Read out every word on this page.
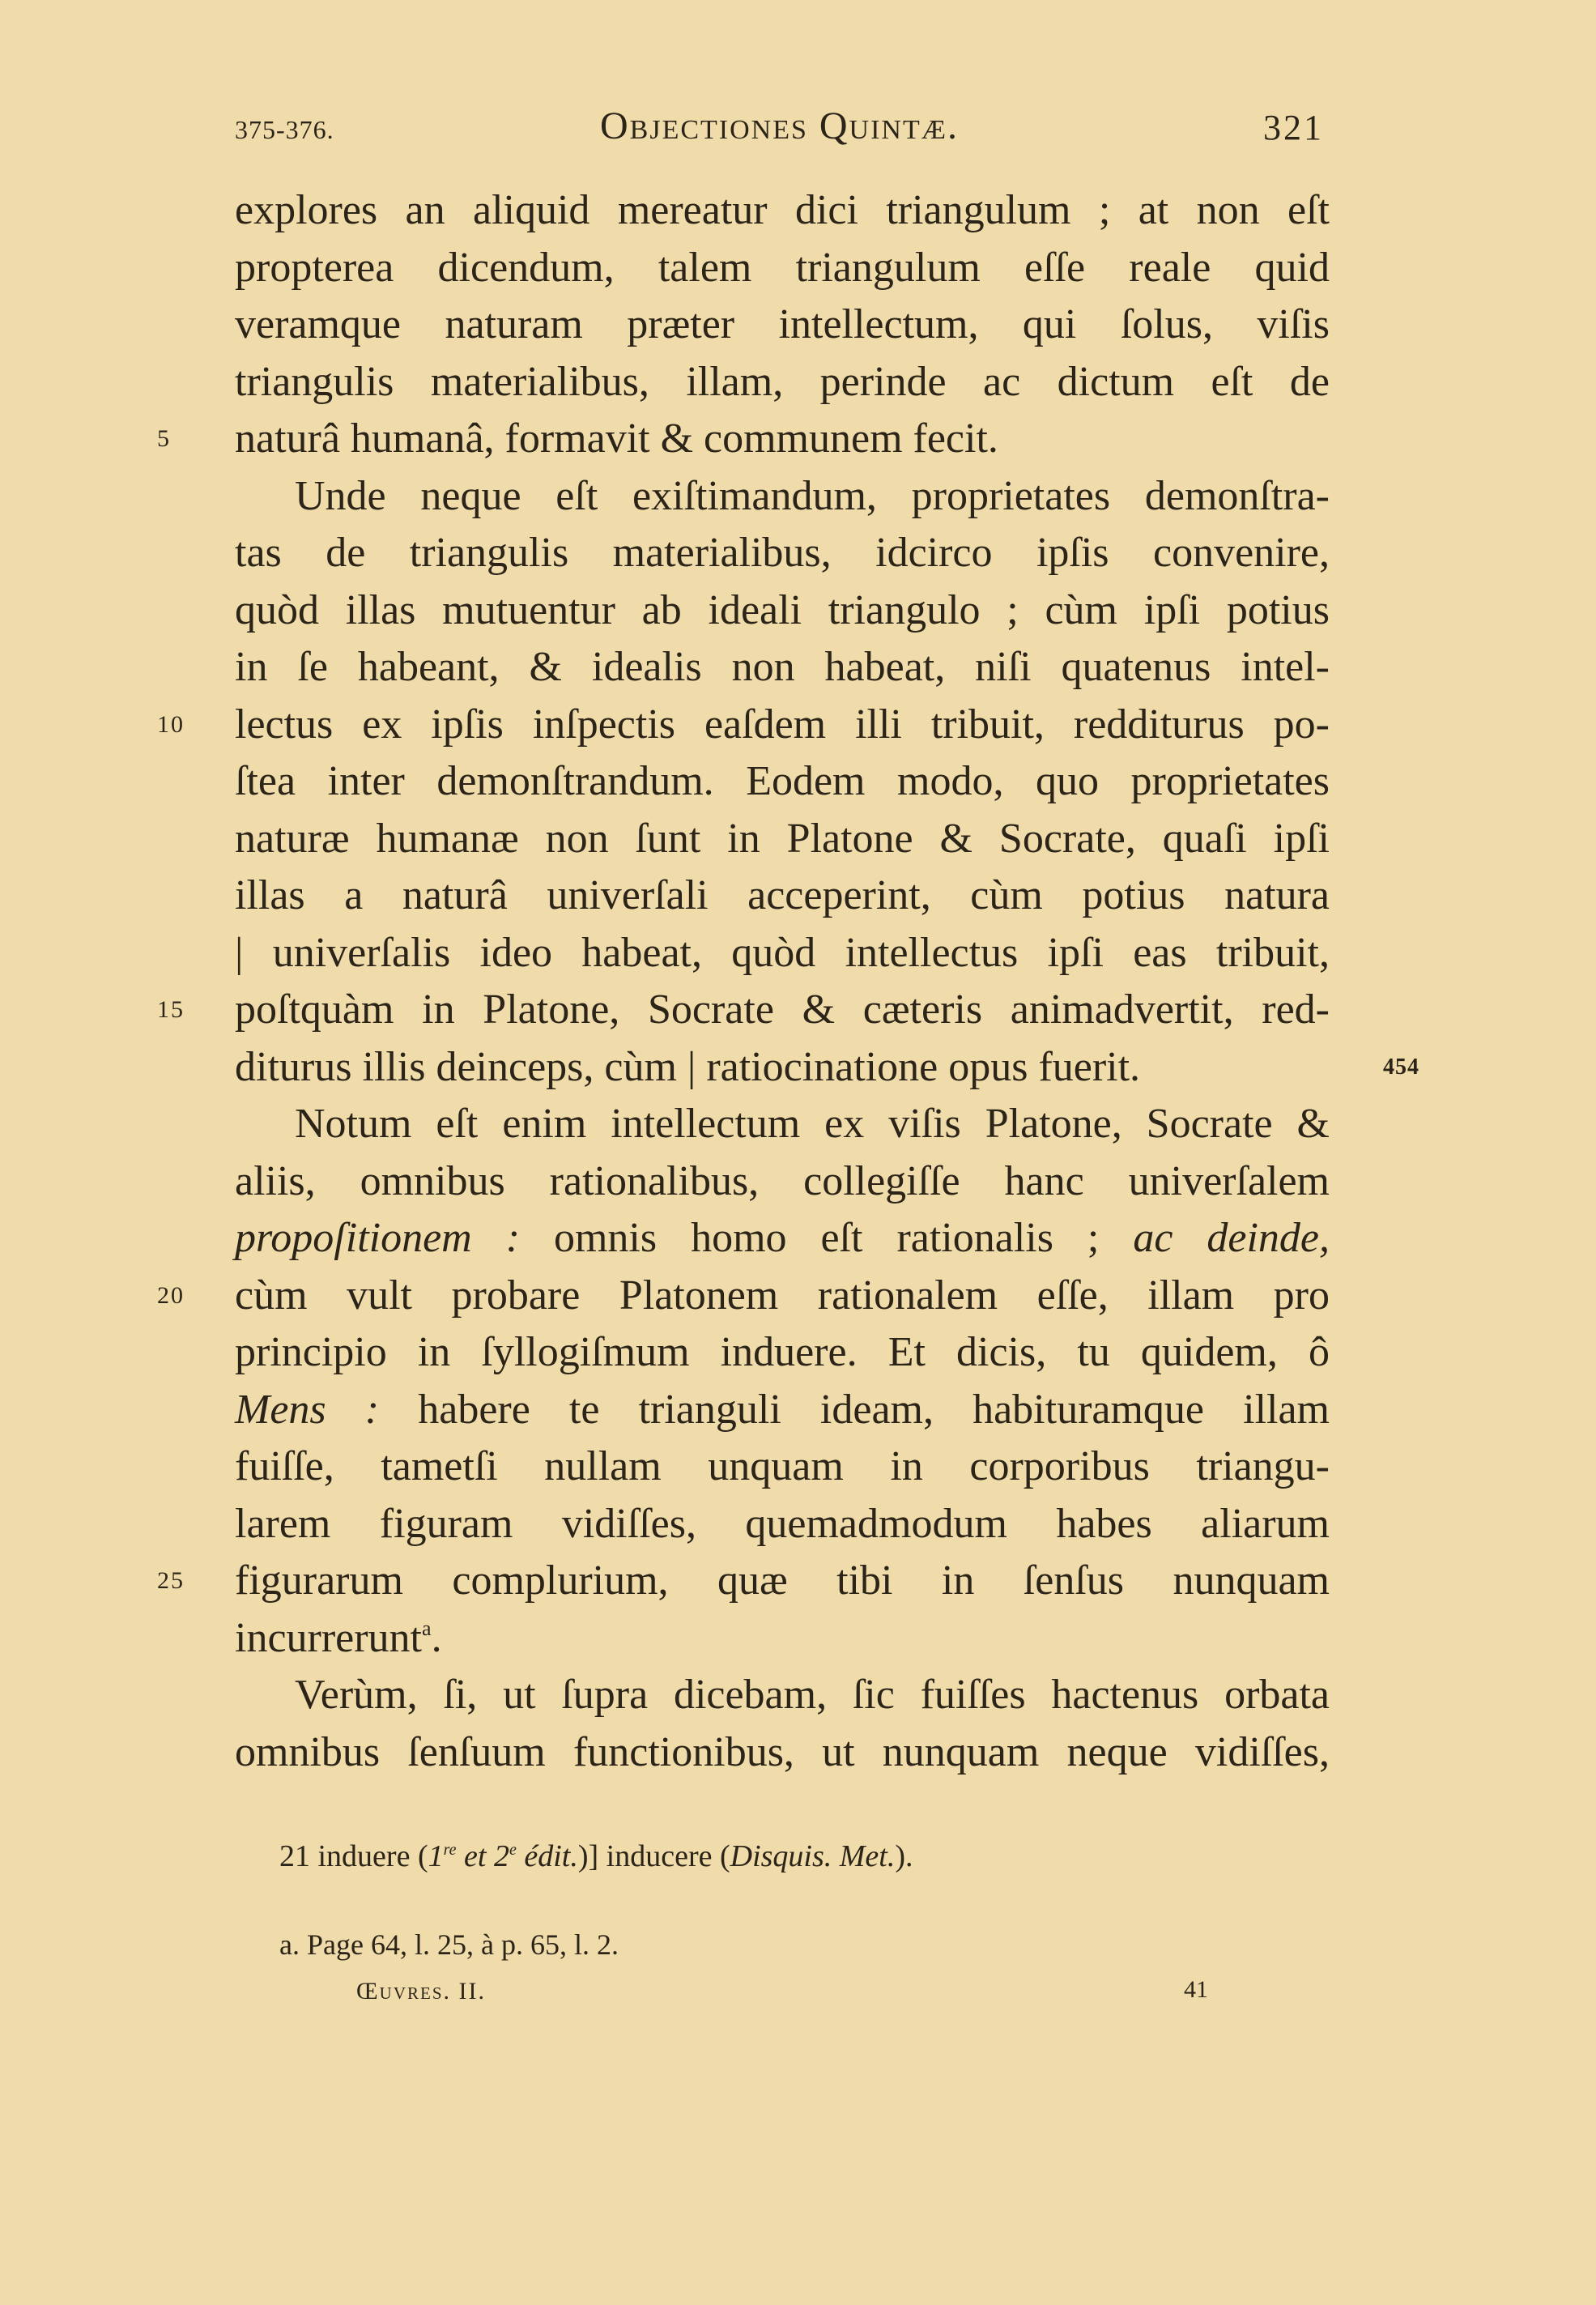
375-376.	Objectiones Quintæ.	321
explores an aliquid mereatur dici triangulum ; at non eſt
propterea dicendum, talem triangulum eſſe reale quid
veramque naturam præter intellectum, qui ſolus, viſis
triangulis materialibus, illam, perinde ac dictum eſt de
5	naturâ humanâ, formavit & communem fecit.
Unde neque eſt exiſtimandum, proprietates demonſtra-
tas de triangulis materialibus, idcirco ipſis convenire,
quòd illas mutuentur ab ideali triangulo ; cùm ipſi potius
in ſe habeant, & idealis non habeat, niſi quatenus intel-
10 lectus ex ipſis inſpectis eaſdem illi tribuit, redditurus po-
ſtea inter demonſtrandum. Eodem modo, quo proprietates
naturæ humanæ non ſunt in Platone & Socrate, quaſi ipſi
illas a naturâ univerſali acceperint, cùm potius natura
| univerſalis ideo habeat, quòd intellectus ipſi eas tribuit,
15 poſtquàm in Platone, Socrate & cæteris animadvertit, red-
diturus illis deinceps, cùm | ratiocinatione opus fuerit.	454
Notum eſt enim intellectum ex viſis Platone, Socrate &
aliis, omnibus rationalibus, collegiſſe hanc univerſalem
propoſitionem : omnis homo eſt rationalis ; ac deinde,
20 cùm vult probare Platonem rationalem eſſe, illam pro
principio in ſyllogiſmum induere. Et dicis, tu quidem, ô
Mens : habere te trianguli ideam, habituramque illam
fuiſſe, tametſi nullam unquam in corporibus triangu-
larem figuram vidiſſes, quemadmodum habes aliarum
25 figurarum complurium, quæ tibi in ſenſus nunquam
incurrerunt$^a$.
Verùm, ſi, ut ſupra dicebam, ſic fuiſſes hactenus orbata
omnibus ſenſuum functionibus, ut nunquam neque vidiſſes,
21 induere (1re et 2e édit.)] inducere (Disquis. Met.).
a. Page 64, l. 25, à p. 65, l. 2.
Œuvres. II.	41
